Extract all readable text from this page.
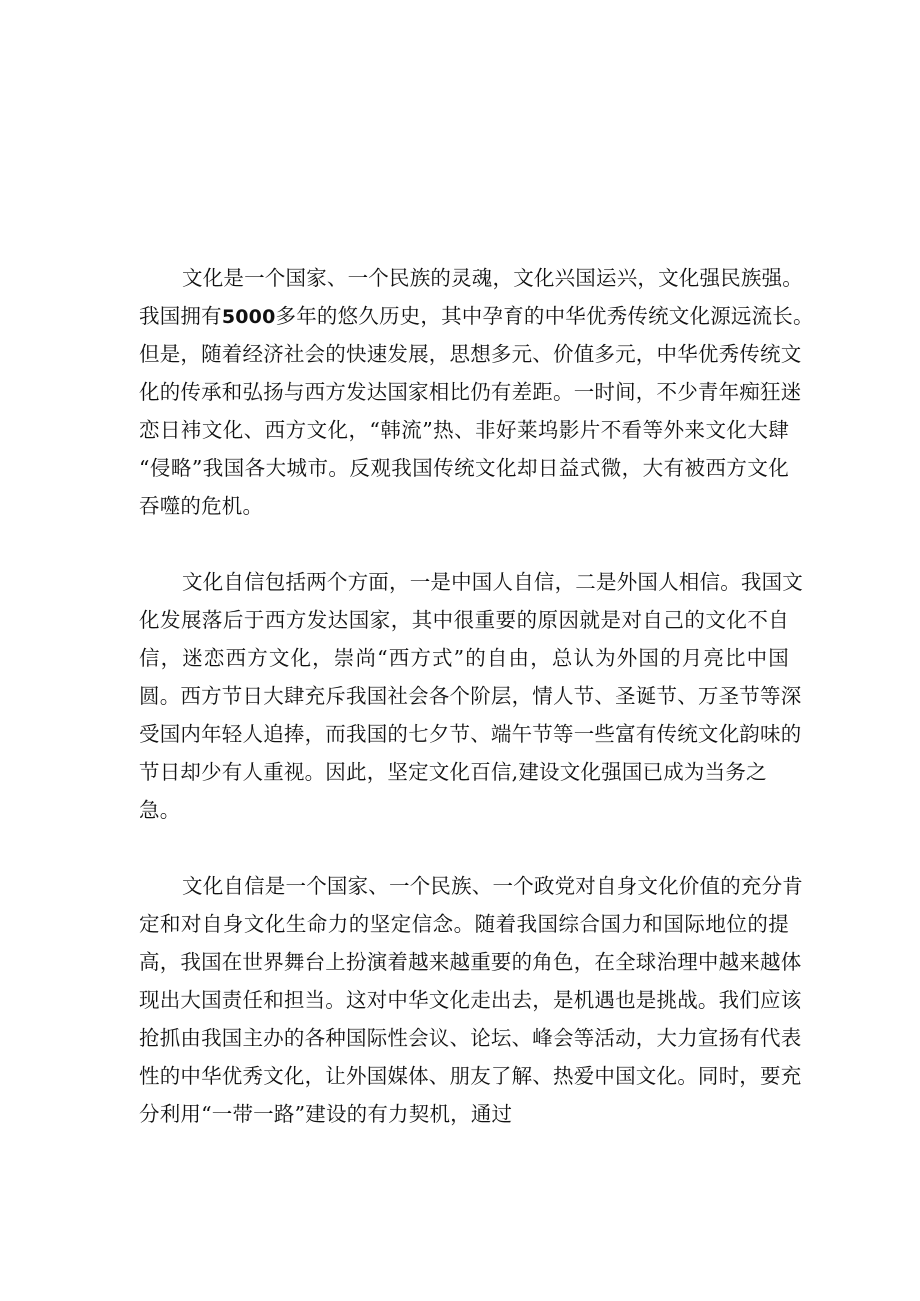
文化是一个国家、一个民族的灵魂，文化兴国运兴，文化强民族强。
我国拥有5000多年的悠久历史，其中孕育的中华优秀传统文化源远流长。
但是，随着经济社会的快速发展，思想多元、价值多元，中华优秀传统文
化的传承和弘扬与西方发达国家相比仍有差距。一时间，不少青年痴狂迷
恋日袆文化、西方文化，“韩流”热、非好莱坞影片不看等外来文化大肆
“侵略”我国各大城市。反观我国传统文化却日益式微，大有被西方文化
吞噬的危机。
文化自信包括两个方面，一是中国人自信，二是外国人相信。我国文
化发展落后于西方发达国家，其中很重要的原因就是对自己的文化不自
信，迷恋西方文化，崇尚“西方式”的自由，总认为外国的月亮比中国
圆。西方节日大肆充斥我国社会各个阶层，情人节、圣诞节、万圣节等深
受国内年轻人追捧，而我国的七夕节、端午节等一些富有传统文化韵味的
节日却少有人重视。因此，坚定文化百信,建设文化强国已成为当务之
急。
文化自信是一个国家、一个民族、一个政党对自身文化价值的充分肯
定和对自身文化生命力的坚定信念。随着我国综合国力和国际地位的提
高，我国在世界舞台上扮演着越来越重要的角色，在全球治理中越来越体
现出大国责任和担当。这对中华文化走出去，是机遇也是挑战。我们应该
抢抓由我国主办的各种国际性会议、论坛、峰会等活动，大力宣扬有代表
性的中华优秀文化，让外国媒体、朋友了解、热爱中国文化。同时，要充
分利用“一带一路”建设的有力契机，通过
